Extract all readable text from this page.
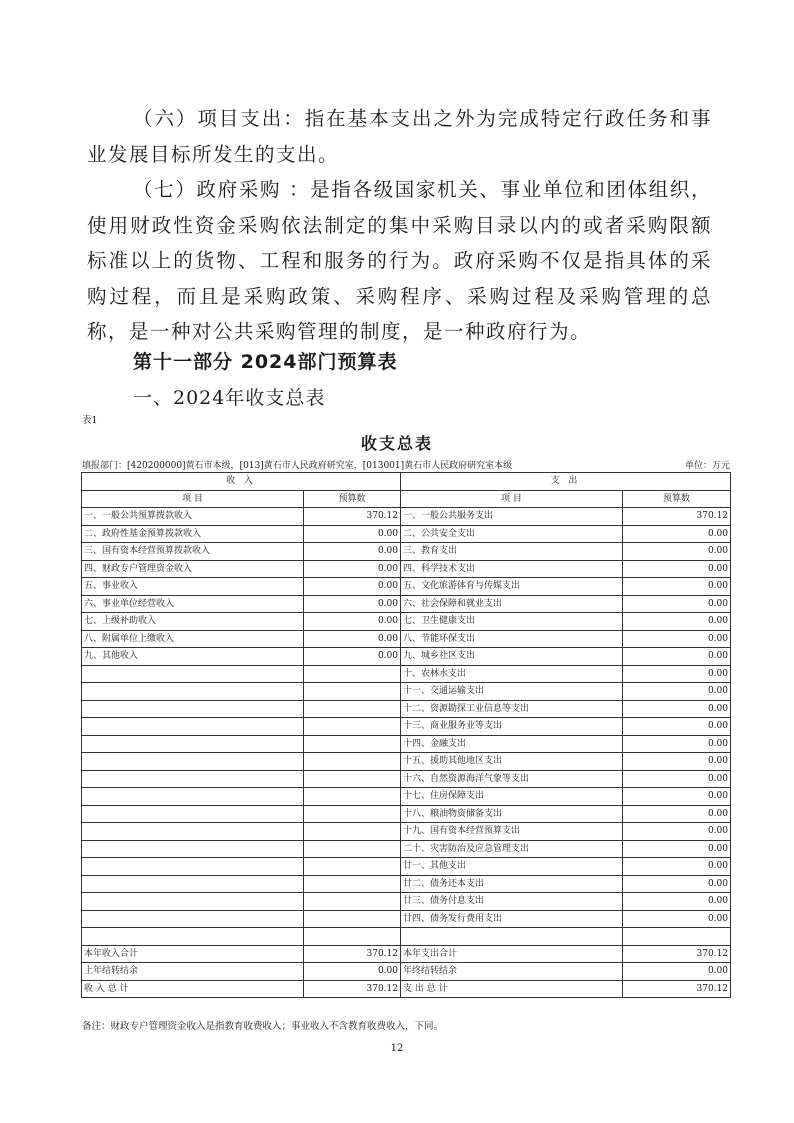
（六）项目支出：指在基本支出之外为完成特定行政任务和事业发展目标所发生的支出。

（七）政府采购 ：是指各级国家机关、事业单位和团体组织，使用财政性资金采购依法制定的集中采购目录以内的或者采购限额标准以上的货物、工程和服务的行为。政府采购不仅是指具体的采购过程，而且是采购政策、采购程序、采购过程及采购管理的总称，是一种对公共采购管理的制度，是一种政府行为。

第十一部分 2024部门预算表
一、2024年收支总表
表1
收支总表
填报部门：[420200000]黄石市本级，[013]黄石市人民政府研究室，[013001]黄石市人民政府研究室本级	单位：万元
收 入		支 出	
项 目	预算数	项 目	预算数
一、一般公共预算拨款收入	370.12	一、一般公共服务支出	370.12
二、政府性基金预算拨款收入	0.00	二、公共安全支出	0.00
三、国有资本经营预算拨款收入	0.00	三、教育支出	0.00
四、财政专户管理资金收入	0.00	四、科学技术支出	0.00
五、事业收入	0.00	五、文化旅游体育与传媒支出	0.00
六、事业单位经营收入	0.00	六、社会保障和就业支出	0.00
七、上级补助收入	0.00	七、卫生健康支出	0.00
八、附属单位上缴收入	0.00	八、节能环保支出	0.00
九、其他收入	0.00	九、城乡社区支出	0.00
		十、农林水支出	0.00
		十一、交通运输支出	0.00
		十二、资源勘探工业信息等支出	0.00
		十三、商业服务业等支出	0.00
		十四、金融支出	0.00
		十五、援助其他地区支出	0.00
		十六、自然资源海洋气象等支出	0.00
		十七、住房保障支出	0.00
		十八、粮油物资储备支出	0.00
		十九、国有资本经营预算支出	0.00
		二十、灾害防治及应急管理支出	0.00
		廿一、其他支出	0.00
		廿二、债务还本支出	0.00
		廿三、债务付息支出	0.00
		廿四、债务发行费用支出	0.00

本年收入合计	370.12	本年支出合计	370.12
上年结转结余	0.00	年终结转结余	0.00
收 入 总 计	370.12	支 出 总 计	370.12
备注：财政专户管理资金收入是指教育收费收入；事业收入不含教育收费收入，下同。
12
